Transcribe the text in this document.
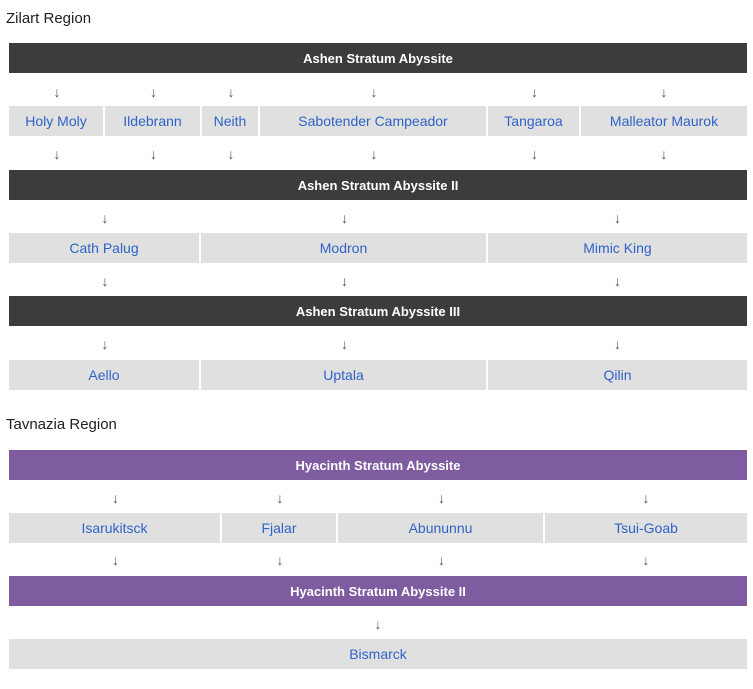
Zilart Region
Ashen Stratum Abyssite
↓	↓	↓	↓	↓	↓
Holy Moly	Ildebrann	Neith	Sabotender Campeador	Tangaroa	Malleator Maurok
↓	↓	↓	↓	↓	↓
Ashen Stratum Abyssite II
↓	↓	↓
Cath Palug	Modron	Mimic King
↓	↓	↓
Ashen Stratum Abyssite III
↓	↓	↓
Aello	Uptala	Qilin
Tavnazia Region
Hyacinth Stratum Abyssite
↓	↓	↓	↓
Isarukitsck	Fjalar	Abununnu	Tsui-Goab
↓	↓	↓	↓
Hyacinth Stratum Abyssite II
↓
Bismarck
